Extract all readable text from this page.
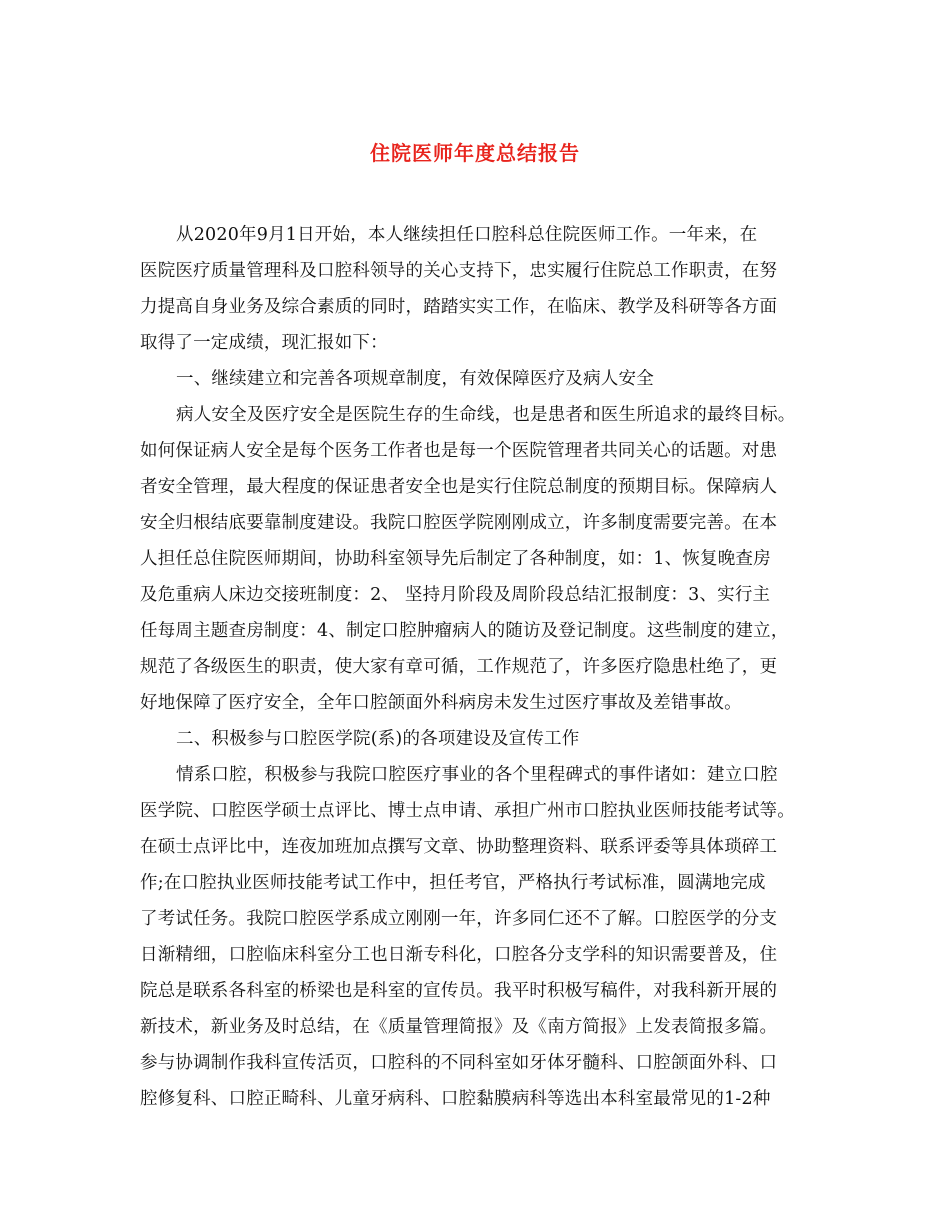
住院医师年度总结报告
从2020年9月1日开始，本人继续担任口腔科总住院医师工作。一年来，在
医院医疗质量管理科及口腔科领导的关心支持下，忠实履行住院总工作职责，在努
力提高自身业务及综合素质的同时，踏踏实实工作，在临床、教学及科研等各方面
取得了一定成绩，现汇报如下：
一、继续建立和完善各项规章制度，有效保障医疗及病人安全
病人安全及医疗安全是医院生存的生命线，也是患者和医生所追求的最终目标。
如何保证病人安全是每个医务工作者也是每一个医院管理者共同关心的话题。对患
者安全管理，最大程度的保证患者安全也是实行住院总制度的预期目标。保障病人
安全归根结底要靠制度建设。我院口腔医学院刚刚成立，许多制度需要完善。在本
人担任总住院医师期间，协助科室领导先后制定了各种制度，如：1、恢复晚查房
及危重病人床边交接班制度：2、 坚持月阶段及周阶段总结汇报制度：3、实行主
任每周主题查房制度：4、制定口腔肿瘤病人的随访及登记制度。这些制度的建立，
规范了各级医生的职责，使大家有章可循，工作规范了，许多医疗隐患杜绝了，更
好地保障了医疗安全，全年口腔颌面外科病房未发生过医疗事故及差错事故。
二、积极参与口腔医学院(系)的各项建设及宣传工作
情系口腔，积极参与我院口腔医疗事业的各个里程碑式的事件诸如：建立口腔
医学院、口腔医学硕士点评比、博士点申请、承担广州市口腔执业医师技能考试等。
在硕士点评比中，连夜加班加点撰写文章、协助整理资料、联系评委等具体琐碎工
作;在口腔执业医师技能考试工作中，担任考官，严格执行考试标准，圆满地完成
了考试任务。我院口腔医学系成立刚刚一年，许多同仁还不了解。口腔医学的分支
日渐精细，口腔临床科室分工也日渐专科化，口腔各分支学科的知识需要普及，住
院总是联系各科室的桥梁也是科室的宣传员。我平时积极写稿件，对我科新开展的
新技术，新业务及时总结，在《质量管理简报》及《南方简报》上发表简报多篇。
参与协调制作我科宣传活页，口腔科的不同科室如牙体牙髓科、口腔颌面外科、口
腔修复科、口腔正畸科、儿童牙病科、口腔黏膜病科等选出本科室最常见的1-2种
